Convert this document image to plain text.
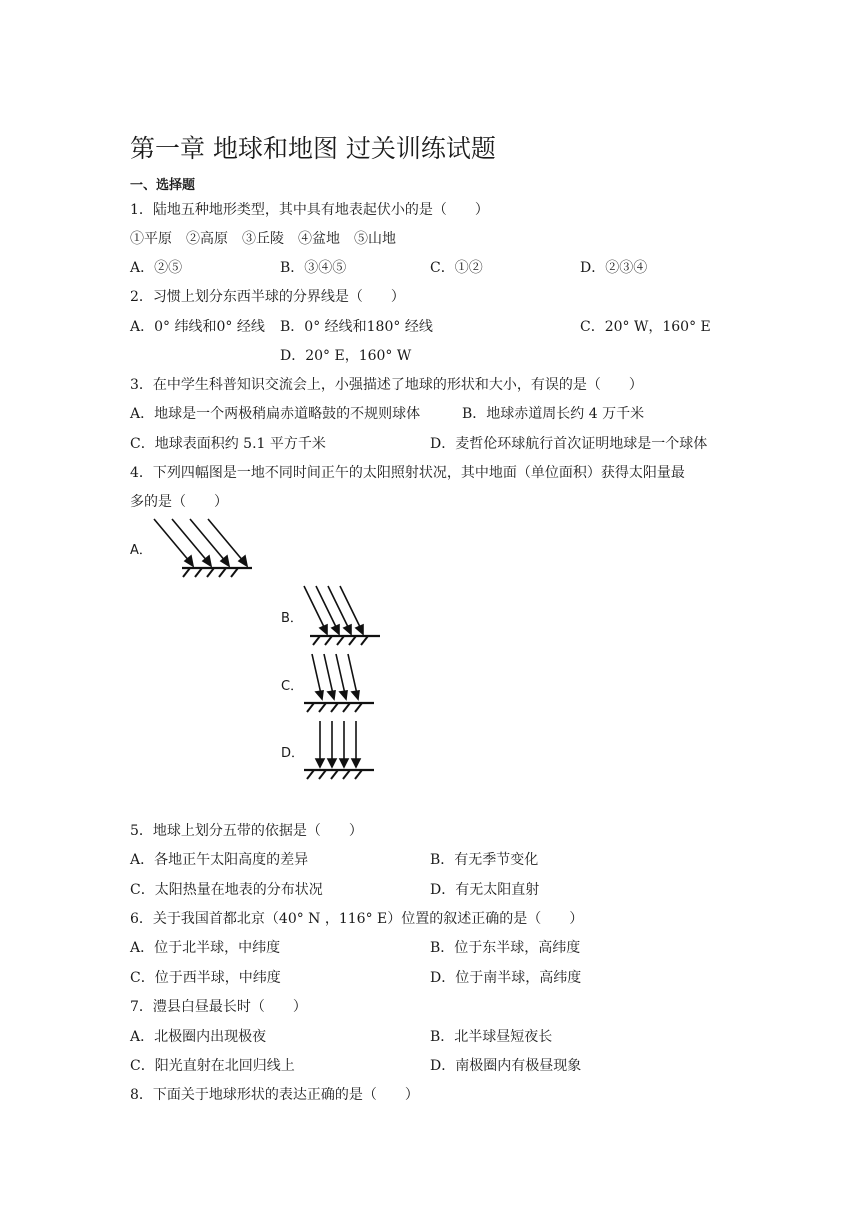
第一章 地球和地图 过关训练试题
一、选择题
1．陆地五种地形类型，其中具有地表起伏小的是（　　）
①平原　②高原　③丘陵　④盆地　⑤山地
A．②⑤	B．③④⑤	C．①②	D．②③④
2．习惯上划分东西半球的分界线是（　　）
A．0° 纬线和0° 经线 B．0° 经线和180° 经线	C．20° W，160° E
D．20° E，160° W
3．在中学生科普知识交流会上，小强描述了地球的形状和大小，有误的是（　　）
A．地球是一个两极稍扁赤道略鼓的不规则球体	B．地球赤道周长约 4 万千米
C．地球表面积约 5.1 平方千米	D．麦哲伦环球航行首次证明地球是一个球体
4．下列四幅图是一地不同时间正午的太阳照射状况，其中地面（单位面积）获得太阳量最
多的是（　　）
A．
B．
C．
D．
5．地球上划分五带的依据是（　　）
A．各地正午太阳高度的差异	B．有无季节变化
C．太阳热量在地表的分布状况	D．有无太阳直射
6．关于我国首都北京（40° N ，116° E）位置的叙述正确的是（　　）
A．位于北半球，中纬度	B．位于东半球，高纬度
C．位于西半球，中纬度	D．位于南半球，高纬度
7．澧县白昼最长时（　　）
A．北极圈内出现极夜	B．北半球昼短夜长
C．阳光直射在北回归线上	D．南极圈内有极昼现象
8．下面关于地球形状的表达正确的是（　　）
